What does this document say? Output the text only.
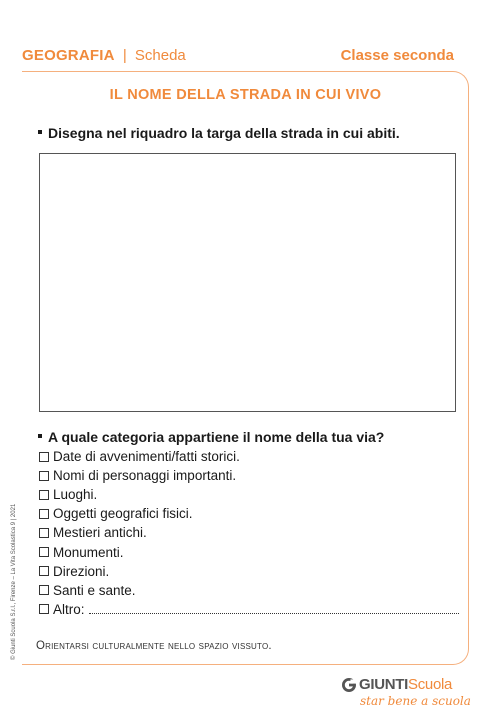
GEOGRAFIA | Scheda	Classe seconda
IL NOME DELLA STRADA IN CUI VIVO
Disegna nel riquadro la targa della strada in cui abiti.
A quale categoria appartiene il nome della tua via?
Date di avvenimenti/fatti storici.
Nomi di personaggi importanti.
Luoghi.
Oggetti geografici fisici.
Mestieri antichi.
Monumenti.
Direzioni.
Santi e sante.
Altro:
Orientarsi culturalmente nello spazio vissuto.
© Giunti Scuola S.r.l., Firenze – La Vita Scolastica 9 | 2021
GIUNTI Scuola
star bene a scuola
